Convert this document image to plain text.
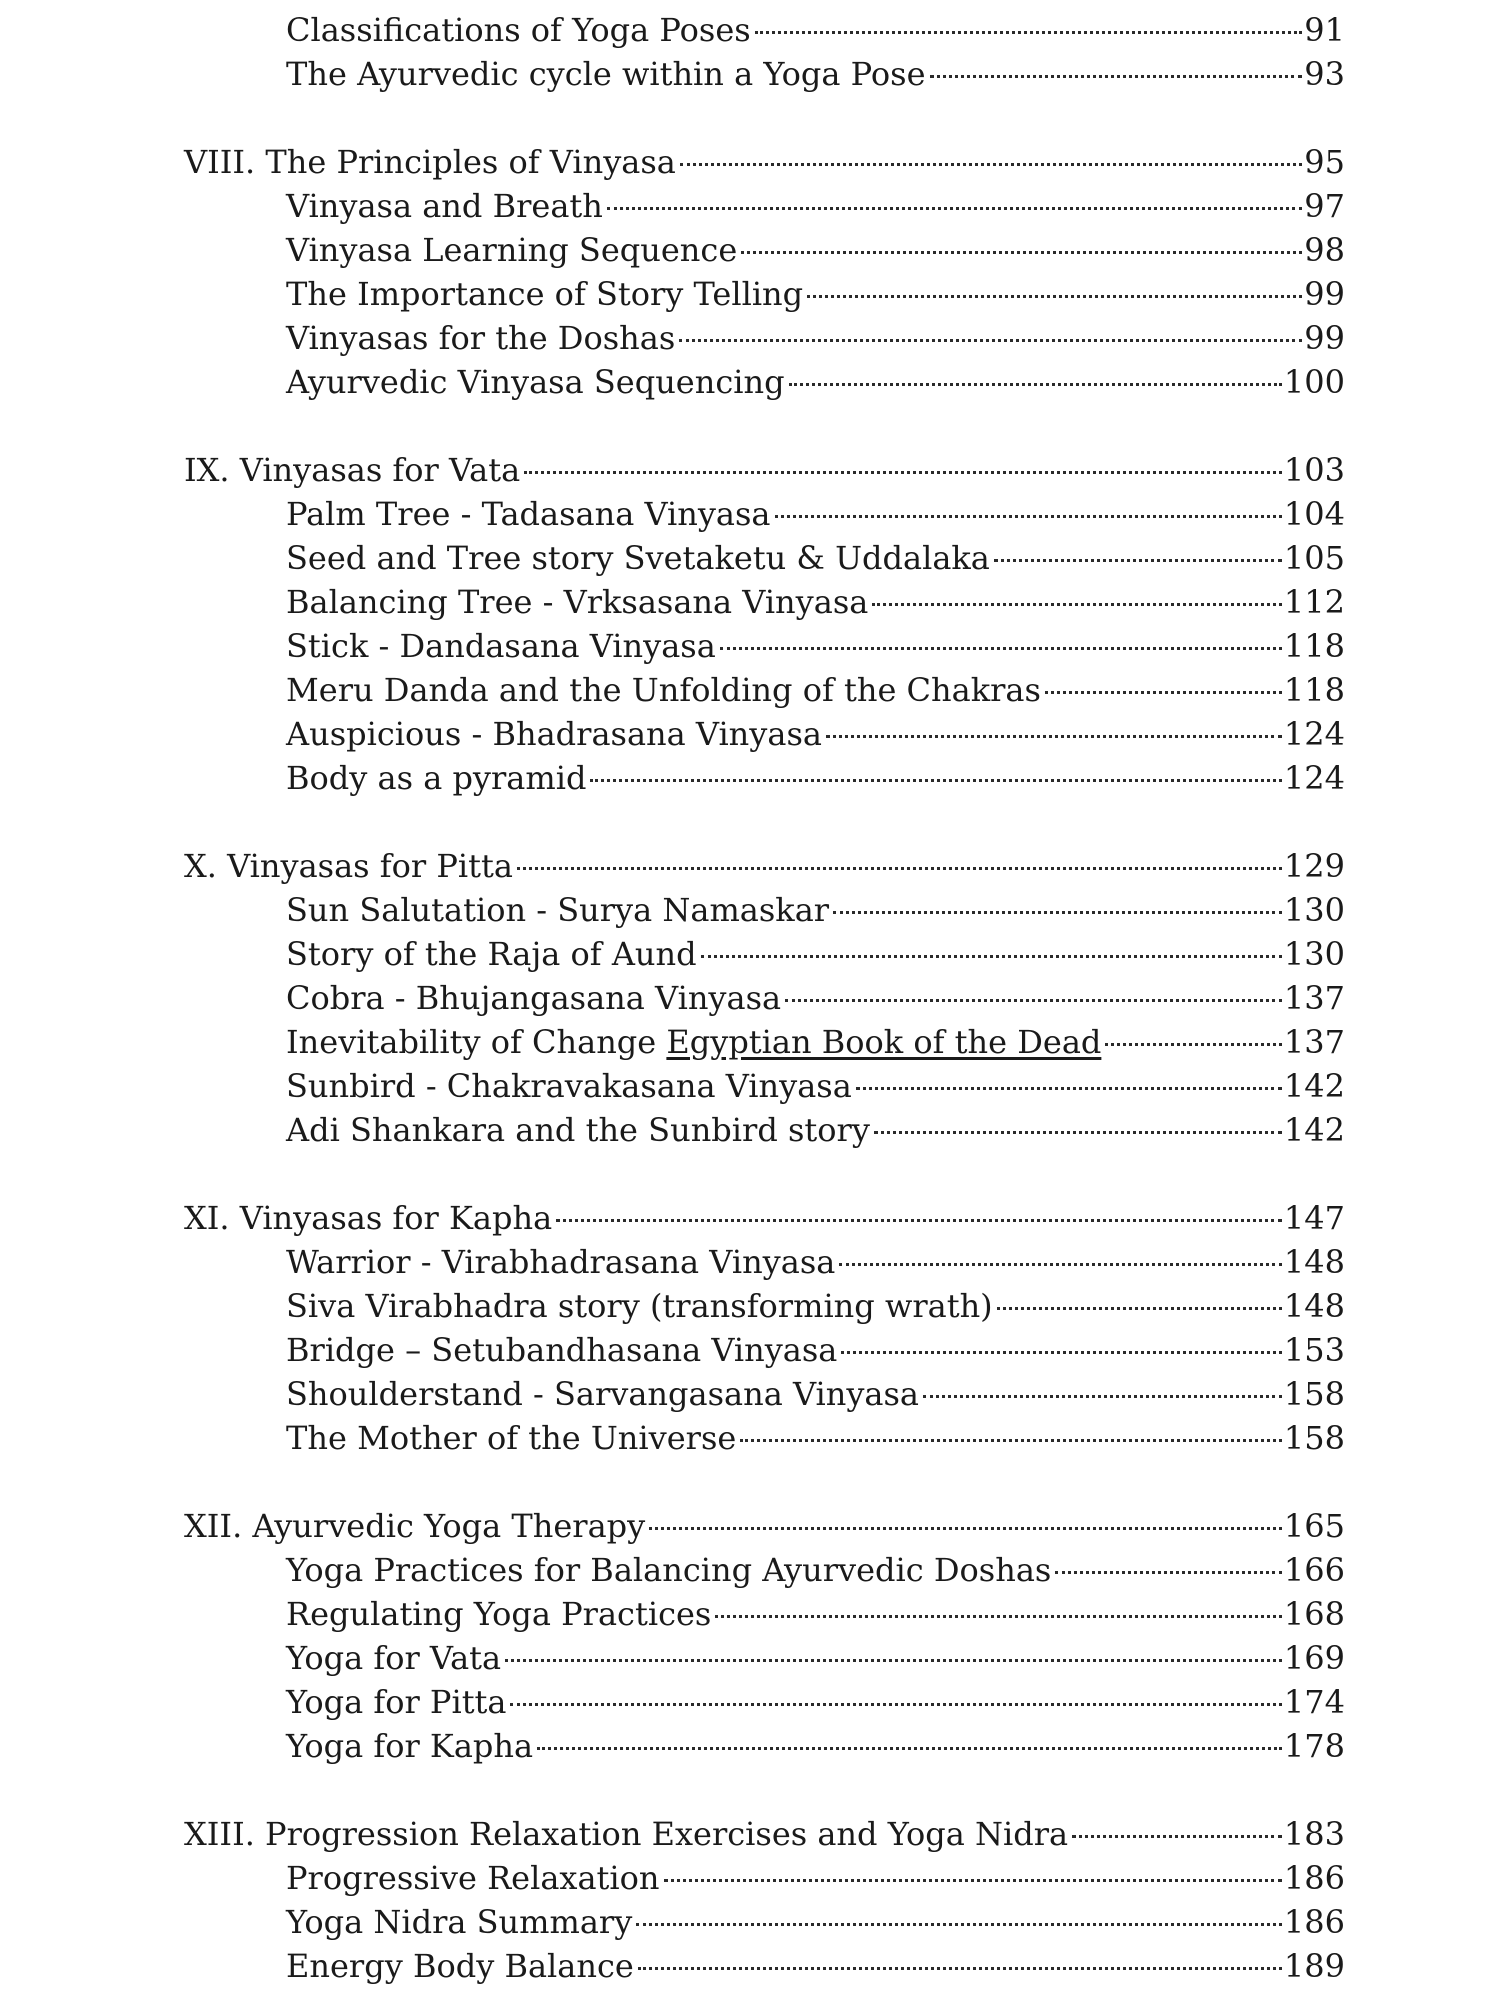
Classifications of Yoga Poses	91
The Ayurvedic cycle within a Yoga Pose	93
VIII. The Principles of Vinyasa	95
Vinyasa and Breath	97
Vinyasa Learning Sequence	98
The Importance of Story Telling	99
Vinyasas for the Doshas	99
Ayurvedic Vinyasa Sequencing	100
IX. Vinyasas for Vata	103
Palm Tree - Tadasana Vinyasa	104
Seed and Tree story Svetaketu & Uddalaka	105
Balancing Tree - Vrksasana Vinyasa	112
Stick - Dandasana Vinyasa	118
Meru Danda and the Unfolding of the Chakras	118
Auspicious - Bhadrasana Vinyasa	124
Body as a pyramid	124
X. Vinyasas for Pitta	129
Sun Salutation - Surya Namaskar	130
Story of the Raja of Aund	130
Cobra - Bhujangasana Vinyasa	137
Inevitability of Change Egyptian Book of the Dead	137
Sunbird - Chakravakasana Vinyasa	142
Adi Shankara and the Sunbird story	142
XI. Vinyasas for Kapha	147
Warrior - Virabhadrasana Vinyasa	148
Siva Virabhadra story (transforming wrath)	148
Bridge – Setubandhasana Vinyasa	153
Shoulderstand - Sarvangasana Vinyasa	158
The Mother of the Universe	158
XII. Ayurvedic Yoga Therapy	165
Yoga Practices for Balancing Ayurvedic Doshas	166
Regulating Yoga Practices	168
Yoga for Vata	169
Yoga for Pitta	174
Yoga for Kapha	178
XIII. Progression Relaxation Exercises and Yoga Nidra	183
Progressive Relaxation	186
Yoga Nidra Summary	186
Energy Body Balance	189
